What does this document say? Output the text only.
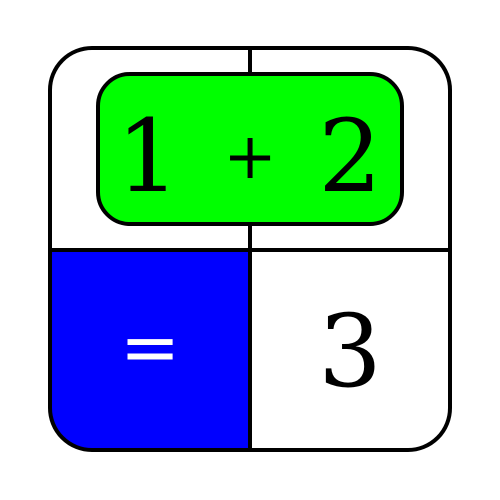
1 + 2
= 3
